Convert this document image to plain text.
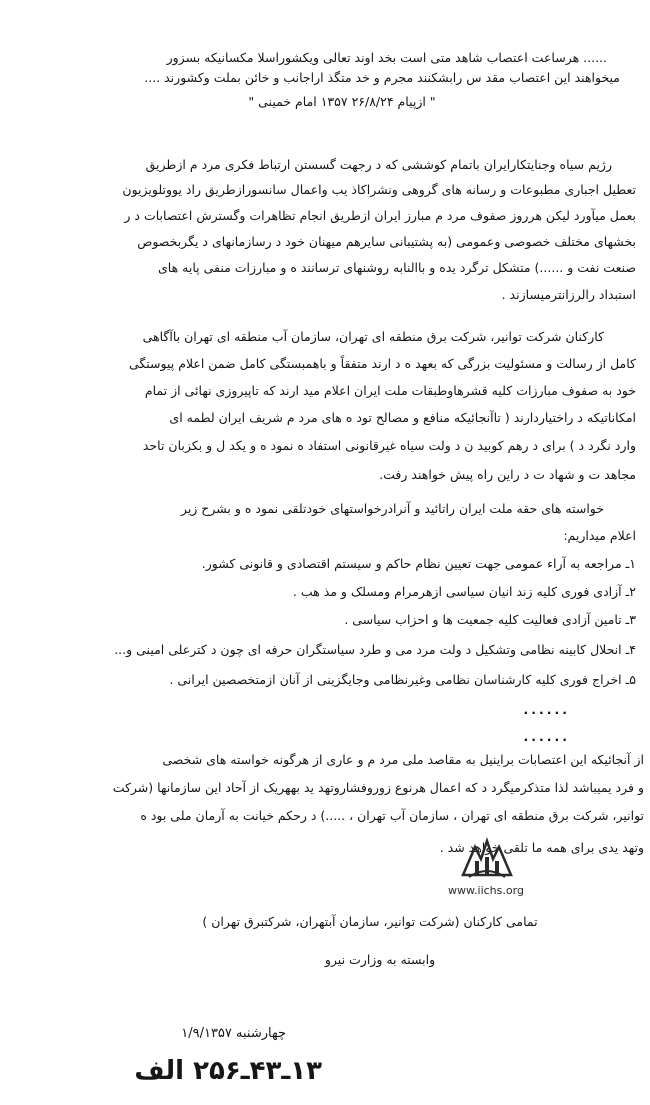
...... هرساعت اعتصاب شاهد متی است بخد اوند تعالی ویکشوراسلا مکسانیکه بسزور
میخواهند این اعتصاب مقد س رابشکنند مجرم و خد متگذ اراجانب و خائن بملت وکشورند ....
" ازپیام ۲۶/۸/۲۴ ۱۳۵۷ امام خمینی "
رژیم سیاه وجنایتکارایران باتمام کوششی که د رجهت گسستن ارتباط فکری مرد م ازطریق
تعطیل اجباری مطبوعات و رسانه های گروهی ونشراکاذ یب واعمال سانسورازطریق راد یووتلویزیون
بعمل میآورد لیکن هرروز صفوف مرد م مبارز ایران ازطریق انجام تظاهرات وگسترش اعتصابات د ر
بخشهای مختلف خصوصی وعمومی (به پشتیبانی سایرهم میهنان خود د رسازمانهای د یگربخصوص
صنعت نفت و ......) متشکل ترگرد یده و باالنابه روشنهای ترسانند ه و مبارزات منفی پایه های
استبداد رالرزانترمیسازند .
کارکنان شرکت توانیر، شرکت برق منطقه ای تهران، سازمان آب منطقه ای تهران باآگاهی
کامل از رسالت و مسئولیت بزرگی که بعهد ه د ارند متفقاً و باهمبستگی کامل ضمن اعلام پیوستگی
خود به صفوف مبارزات کلیه قشرهاوطبقات ملت ایران اعلام مید ارند که تاپیروزی نهائی از تمام
امکاناتیکه د راختیاردارند ( تاآنجائیکه منافع و مصالح تود ه های مرد م شریف ایران لطمه ای
وارد نگرد د ) برای د رهم کوبید ن د ولت سیاه غیرقانونی استفاد ه نمود ه و یکد ل و بکزبان تاحد
مجاهد ت و شهاد ت د راین راه پیش خواهند رفت.
خواسته های حقه ملت ایران راتائید و آنرادرخواستهای خودتلقی نمود ه و بشرح زیر
اعلام میداریم:
۱ـ مراجعه به آراء عمومی جهت تعیین نظام حاکم و سیستم اقتصادی و قانونی کشور.
۲ـ آزادی فوری کلیه زند انیان سیاسی ازهرمرام ومسلک و مذ هب .
۳ـ تامین آزادی فعالیت کلیه جمعیت ها و احزاب سیاسی .
۴ـ انحلال کابینه نظامی وتشکیل د ولت مرد می و طرد سیاستگران حرفه ای چون د کترعلی امینی و...
۵ـ اخراج فوری کلیه کارشناسان نظامی وغیرنظامی وجایگزینی از آنان ازمتخصصین ایرانی .
......
......
از آنجائیکه این اعتصابات براینیل به مقاصد ملی مرد م و عاری از هرگونه خواسته های شخصی
و فرد یمیباشد لذا متذکرمیگرد د که اعمال هرنوع زوروفشاروتهد ید بههریک از آحاد این سازمانها (شرکت
توانیر، شرکت برق منطقه ای تهران ، سازمان آب تهران ، .....) د رحکم خیانت به آرمان ملی بود ه
وتهد یدی برای همه ما تلقی خواهد شد .
www.iichs.org
تمامی کارکنان (شرکت توانیر، سازمان آبتهران، شرکتبرق تهران )
وابسته به وزارت نیرو
چهارشنبه ۱/۹/۱۳۵۷
۱۳ـ۴۳ـ۲۵۶ الف
